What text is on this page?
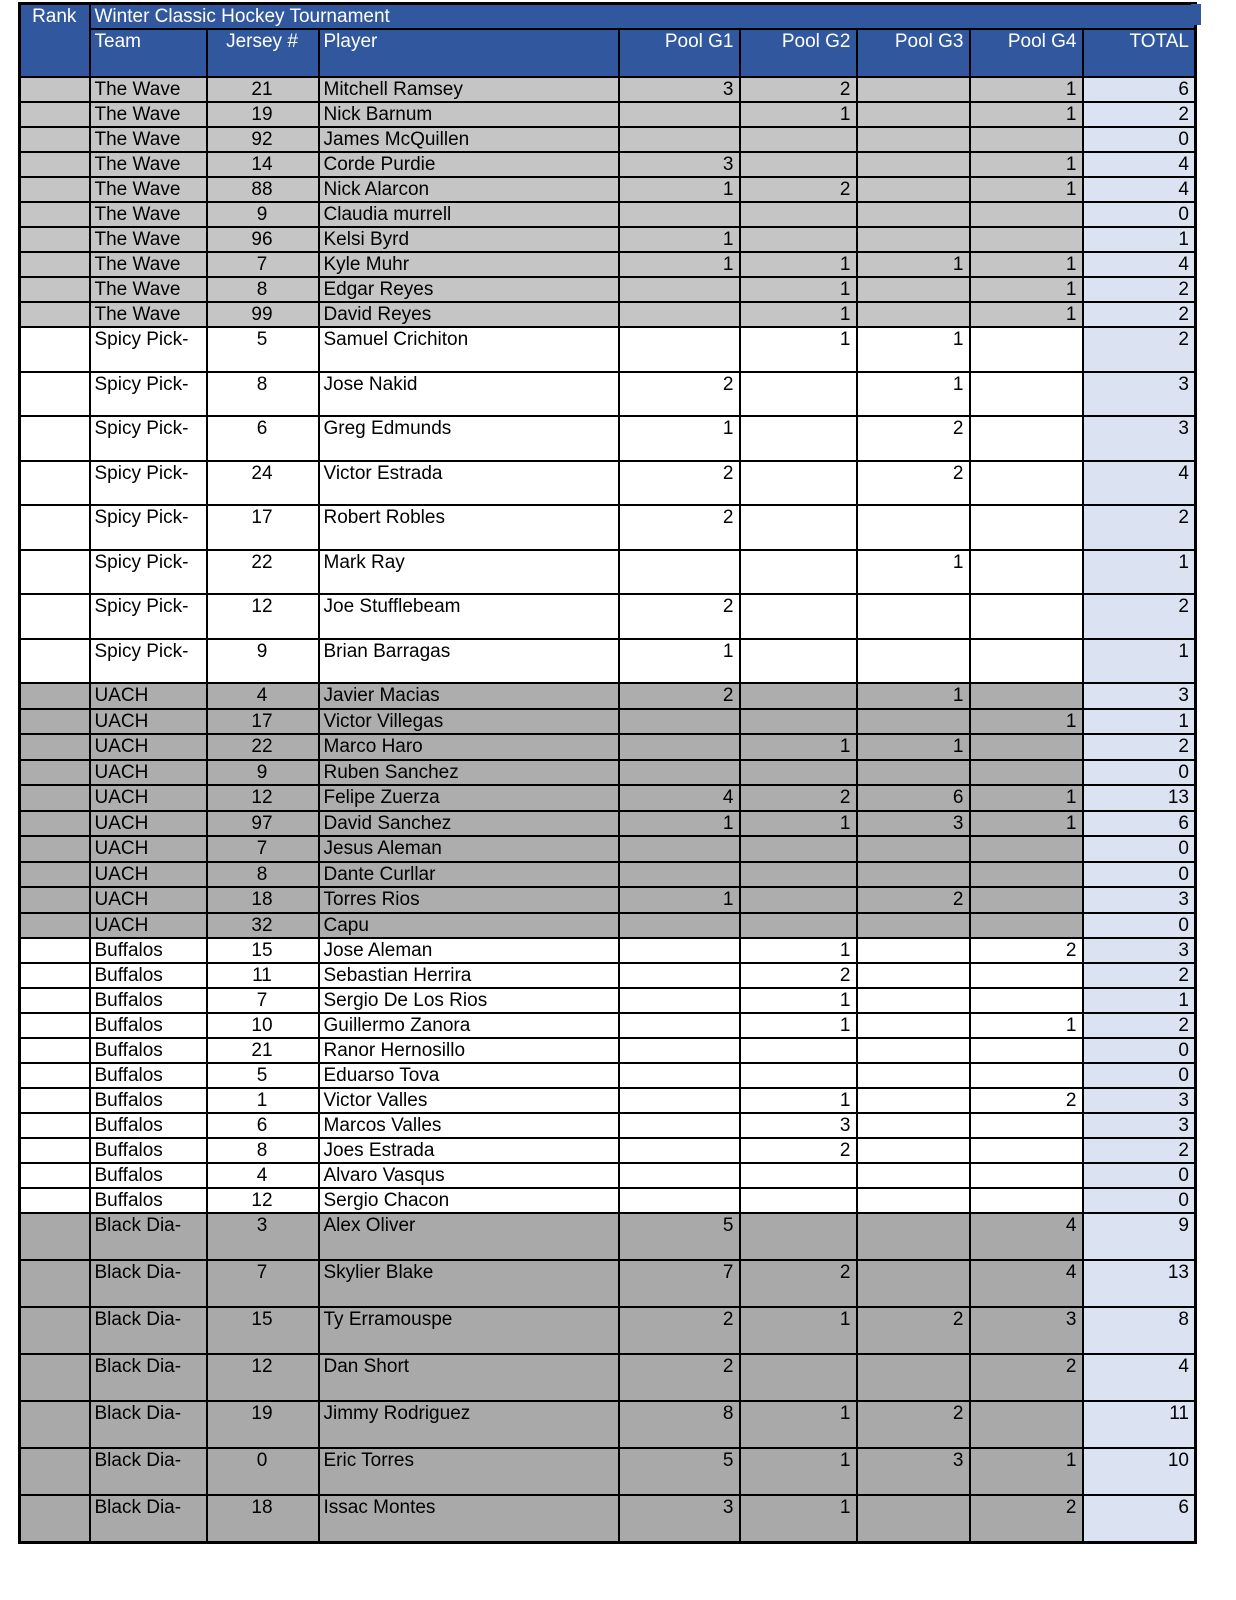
Rank	Winter Classic Hockey Tournament							
	Team	Jersey #	Player	Pool G1	Pool G2	Pool G3	Pool G4	TOTAL
	The Wave	21	Mitchell Ramsey	3	2		1	6
	The Wave	19	Nick Barnum		1		1	2
	The Wave	92	James McQuillen					0
	The Wave	14	Corde Purdie	3			1	4
	The Wave	88	Nick Alarcon	1	2		1	4
	The Wave	9	Claudia murrell					0
	The Wave	96	Kelsi Byrd	1				1
	The Wave	7	Kyle Muhr	1	1	1	1	4
	The Wave	8	Edgar Reyes		1		1	2
	The Wave	99	David Reyes		1		1	2
	Spicy Pick-	5	Samuel Crichiton		1	1		2
	Spicy Pick-	8	Jose Nakid	2		1		3
	Spicy Pick-	6	Greg Edmunds	1		2		3
	Spicy Pick-	24	Victor Estrada	2		2		4
	Spicy Pick-	17	Robert Robles	2				2
	Spicy Pick-	22	Mark Ray			1		1
	Spicy Pick-	12	Joe Stufflebeam	2				2
	Spicy Pick-	9	Brian Barragas	1				1
	UACH	4	Javier Macias	2		1		3
	UACH	17	Victor Villegas				1	1
	UACH	22	Marco Haro		1	1		2
	UACH	9	Ruben Sanchez					0
	UACH	12	Felipe Zuerza	4	2	6	1	13
	UACH	97	David Sanchez	1	1	3	1	6
	UACH	7	Jesus Aleman					0
	UACH	8	Dante Curllar					0
	UACH	18	Torres Rios	1		2		3
	UACH	32	Capu					0
	Buffalos	15	Jose Aleman		1		2	3
	Buffalos	11	Sebastian Herrira		2			2
	Buffalos	7	Sergio De Los Rios		1			1
	Buffalos	10	Guillermo Zanora		1		1	2
	Buffalos	21	Ranor Hernosillo					0
	Buffalos	5	Eduarso Tova					0
	Buffalos	1	Victor Valles		1		2	3
	Buffalos	6	Marcos Valles		3			3
	Buffalos	8	Joes Estrada		2			2
	Buffalos	4	Alvaro Vasqus					0
	Buffalos	12	Sergio Chacon					0
	Black Dia-	3	Alex Oliver	5			4	9
	Black Dia-	7	Skylier Blake	7	2		4	13
	Black Dia-	15	Ty Erramouspe	2	1	2	3	8
	Black Dia-	12	Dan Short	2			2	4
	Black Dia-	19	Jimmy Rodriguez	8	1	2		11
	Black Dia-	0	Eric Torres	5	1	3	1	10
	Black Dia-	18	Issac Montes	3	1		2	6
